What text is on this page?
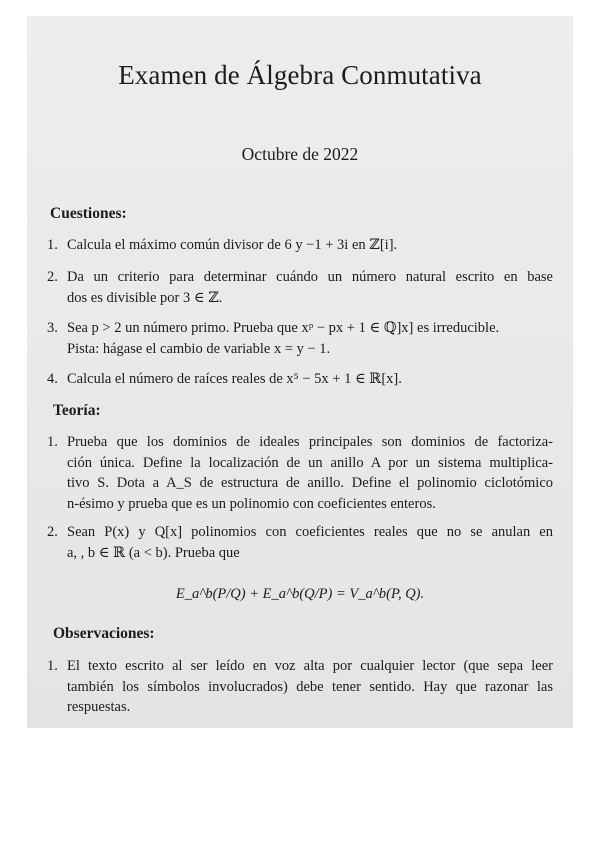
Examen de Álgebra Conmutativa
Octubre de 2022
Cuestiones:
1. Calcula el máximo común divisor de 6 y −1 + 3i en ℤ[i].
2. Da un criterio para determinar cuándo un número natural escrito en base
dos es divisible por 3 ∈ ℤ.
3. Sea p > 2 un número primo. Prueba que xᵖ − px + 1 ∈ ℚ]x] es irreducible.
Pista: hágase el cambio de variable x = y − 1.
4. Calcula el número de raíces reales de x⁵ − 5x + 1 ∈ ℝ[x].
Teoría:
1. Prueba que los dominios de ideales principales son dominios de factoriza-
ción única. Define la localización de un anillo A por un sistema multiplica-
tivo S. Dota a A_S de estructura de anillo. Define el polinomio ciclotómico
n-ésimo y prueba que es un polinomio con coeficientes enteros.
2. Sean P(x) y Q[x] polinomios con coeficientes reales que no se anulan en
a, , b ∈ ℝ (a < b). Prueba que
E_a^b(P/Q) + E_a^b(Q/P) = V_a^b(P, Q).
Observaciones:
1. El texto escrito al ser leído en voz alta por cualquier lector (que sepa leer
también los símbolos involucrados) debe tener sentido. Hay que razonar las
respuestas.
